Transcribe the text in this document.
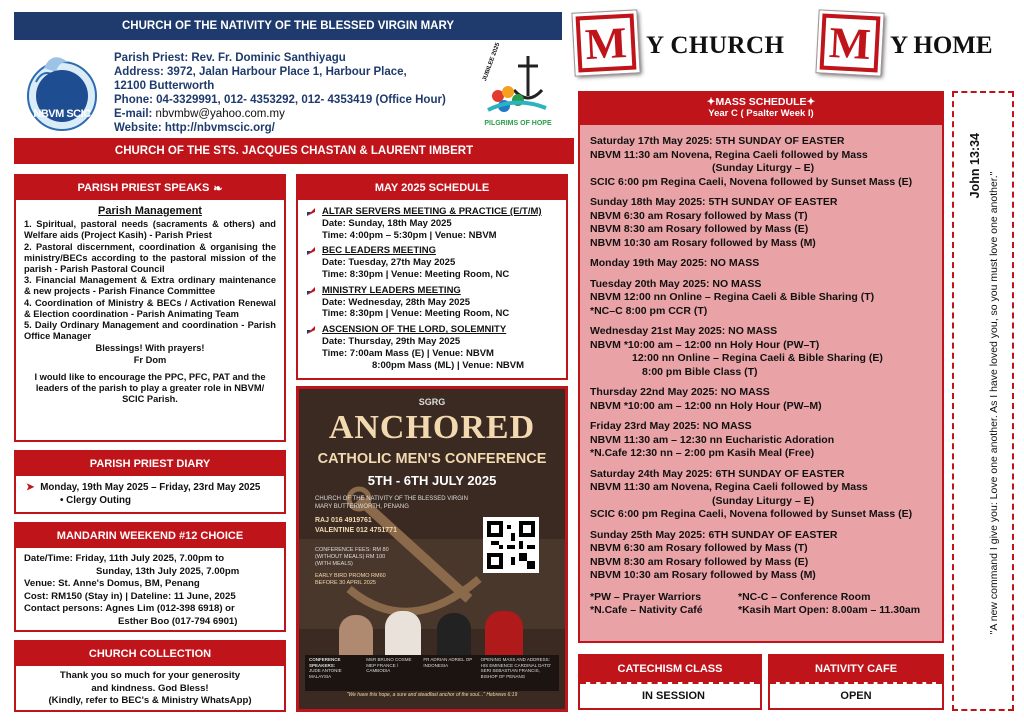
CHURCH OF THE NATIVITY OF THE BLESSED VIRGIN MARY
NBVM SCIC
Parish Priest: Rev. Fr. Dominic Santhiyagu
Address: 3972, Jalan Harbour Place 1, Harbour Place,
12100 Butterworth
Phone: 04-3329991, 012- 4353292, 012- 4353419 (Office Hour)
E-mail: nbvmbw@yahoo.com.my
Website: http://nbvmscic.org/
JUBILEE 2025
PILGRIMS OF HOPE
CHURCH OF THE STS. JACQUES CHASTAN & LAURENT IMBERT
M Y CHURCH M Y HOME
PARISH PRIEST SPEAKS ❧
Parish Management
1. Spiritual, pastoral needs (sacraments & others) and Welfare aids (Project Kasih) - Parish Priest
2. Pastoral discernment, coordination & organising the ministry/BECs according to the pastoral mission of the parish - Parish Pastoral Council
3. Financial Management & Extra ordinary maintenance & new projects - Parish Finance Committee
4. Coordination of Ministry & BECs / Activation Renewal & Election coordination - Parish Animating Team
5. Daily Ordinary Management and coordination - Parish Office Manager
Blessings! With prayers!
Fr Dom
I would like to encourage the PPC, PFC, PAT and the leaders of the parish to play a greater role in NBVM/ SCIC Parish.
PARISH PRIEST DIARY
➤ Monday, 19th May 2025 – Friday, 23rd May 2025
• Clergy Outing
MANDARIN WEEKEND #12 CHOICE
Date/Time: Friday, 11th July 2025, 7.00pm to
Sunday, 13th July 2025, 7.00pm
Venue: St. Anne's Domus, BM, Penang
Cost: RM150 (Stay in) | Dateline: 11 June, 2025
Contact persons: Agnes Lim (012-398 6918) or
Esther Boo (017-794 6901)
CHURCH COLLECTION
Thank you so much for your generosity
and kindness. God Bless!
(Kindly, refer to BEC's & Ministry WhatsApp)
MAY 2025 SCHEDULE
ALTAR SERVERS MEETING & PRACTICE (E/T/M)
Date: Sunday, 18th May 2025
Time: 4:00pm – 5:30pm | Venue: NBVM
BEC LEADERS MEETING
Date: Tuesday, 27th May 2025
Time: 8:30pm | Venue: Meeting Room, NC
MINISTRY LEADERS MEETING
Date: Wednesday, 28th May 2025
Time: 8:30pm | Venue: Meeting Room, NC
ASCENSION OF THE LORD, SOLEMNITY
Date: Thursday, 29th May 2025
Time: 7:00am Mass (E) | Venue: NBVM
8:00pm Mass (ML) | Venue: NBVM
SGRG
ANCHORED
CATHOLIC MEN'S CONFERENCE
5TH - 6TH JULY 2025
CHURCH OF THE NATIVITY OF THE BLESSED VIRGIN MARY BUTTERWORTH, PENANG
RAJ 016 4919761
VALENTINE 012 4751771
CONFERENCE FEES: RM 80 (WITHOUT MEALS) RM 100 (WITH MEALS)
EARLY BIRD PROMO RM60 BEFORE 30 APRIL 2025
CONFERENCE SPEAKERS:
JUDE ANTONIE MALAYSIA
MSR BRUNO COSME MEP FRANCE / CAMBODIA
FR ADRIAN ADRIEL OP INDONESIA
OPENING MASS AND ADDRESS: HIS EMINENCE CARDINAL DATO' SERI SEBASTIAN FRANCIS, BISHOP OF PENANG
"We have this hope, a sure and steadfast anchor of the soul..." Hebrews 6:19
✦MASS SCHEDULE✦
Year C ( Psalter Week I)
Saturday 17th May 2025: 5TH SUNDAY OF EASTER
NBVM 11:30 am Novena, Regina Caeli followed by Mass
(Sunday Liturgy – E)
SCIC 6:00 pm Regina Caeli, Novena followed by Sunset Mass (E)
Sunday 18th May 2025: 5TH SUNDAY OF EASTER
NBVM 6:30 am Rosary followed by Mass (T)
NBVM 8:30 am Rosary followed by Mass (E)
NBVM 10:30 am Rosary followed by Mass (M)
Monday 19th May 2025: NO MASS
Tuesday 20th May 2025: NO MASS
NBVM 12:00 nn Online – Regina Caeli & Bible Sharing (T)
*NC–C 8:00 pm CCR (T)
Wednesday 21st May 2025: NO MASS
NBVM *10:00 am – 12:00 nn Holy Hour (PW–T)
12:00 nn Online – Regina Caeli & Bible Sharing (E)
8:00 pm Bible Class (T)
Thursday 22nd May 2025: NO MASS
NBVM *10:00 am – 12:00 nn Holy Hour (PW–M)
Friday 23rd May 2025: NO MASS
NBVM 11:30 am – 12:30 nn Eucharistic Adoration
*N.Cafe 12:30 nn – 2:00 pm Kasih Meal (Free)
Saturday 24th May 2025: 6TH SUNDAY OF EASTER
NBVM 11:30 am Novena, Regina Caeli followed by Mass
(Sunday Liturgy – E)
SCIC 6:00 pm Regina Caeli, Novena followed by Sunset Mass (E)
Sunday 25th May 2025: 6TH SUNDAY OF EASTER
NBVM 6:30 am Rosary followed by Mass (T)
NBVM 8:30 am Rosary followed by Mass (E)
NBVM 10:30 am Rosary followed by Mass (M)
*PW – Prayer Warriors	*NC-C – Conference Room
*N.Cafe – Nativity Café	*Kasih Mart Open: 8.00am – 11.30am
CATECHISM CLASS
IN SESSION
NATIVITY CAFE
OPEN
John 13:34
"A new command I give you: Love one another. As I have loved you, so you must love one another."
